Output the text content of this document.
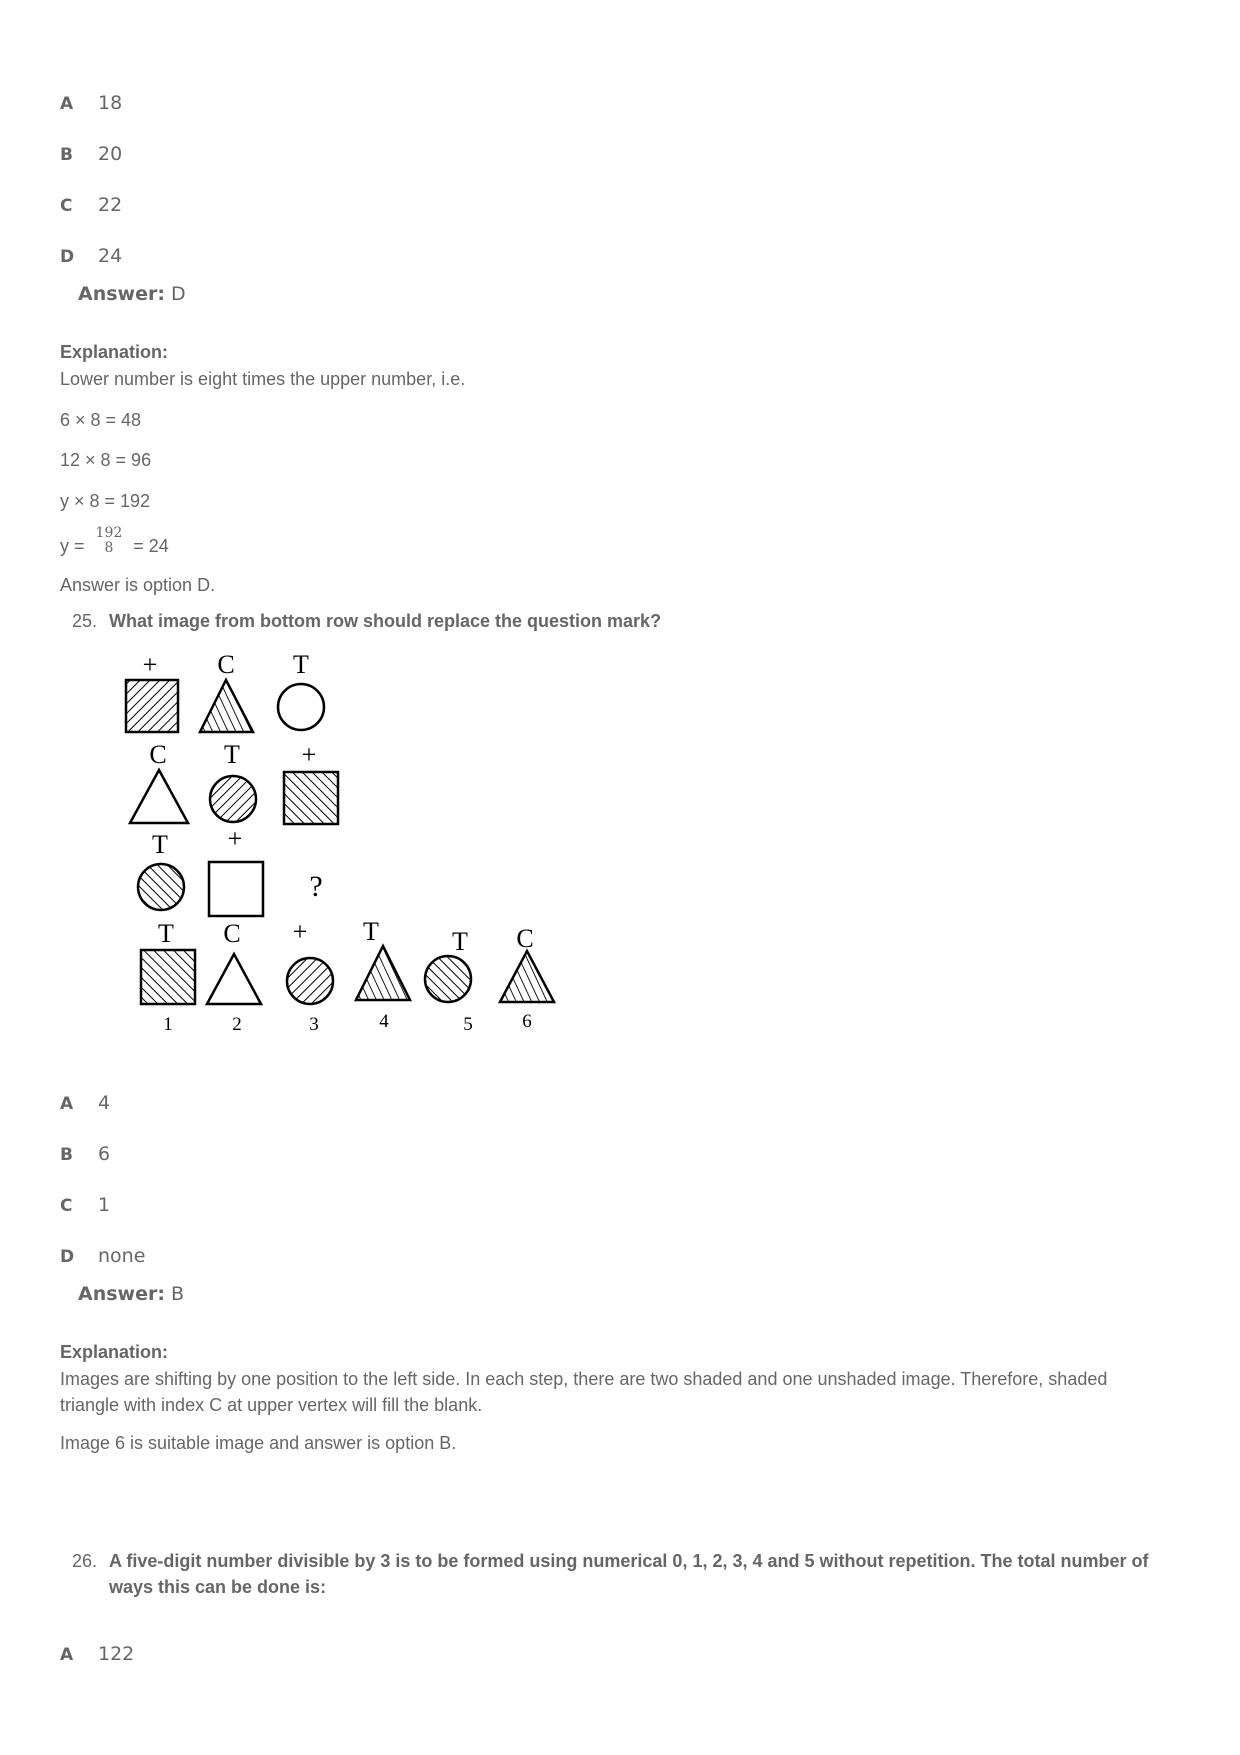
A 18
B 20
C 22
D 24
Answer: D
Explanation:
Lower number is eight times the upper number, i.e.
6 × 8 = 48
12 × 8 = 96
y × 8 = 192
y =
192
8	= 24
Answer is option D.
25. What image from bottom row should replace the question mark?
+ C T
C T +
T +
?
T C + T	T C
1	2	3	4	5	6
A 4
B 6
C 1
D none
Answer: B
Explanation:
Images are shifting by one position to the left side. In each step, there are two shaded and one unshaded image. Therefore, shaded triangle with index C at upper vertex will fill the blank.
Image 6 is suitable image and answer is option B.
26. A five-digit number divisible by 3 is to be formed using numerical 0, 1, 2, 3, 4 and 5 without repetition. The total number of ways this can be done is:
A 122
